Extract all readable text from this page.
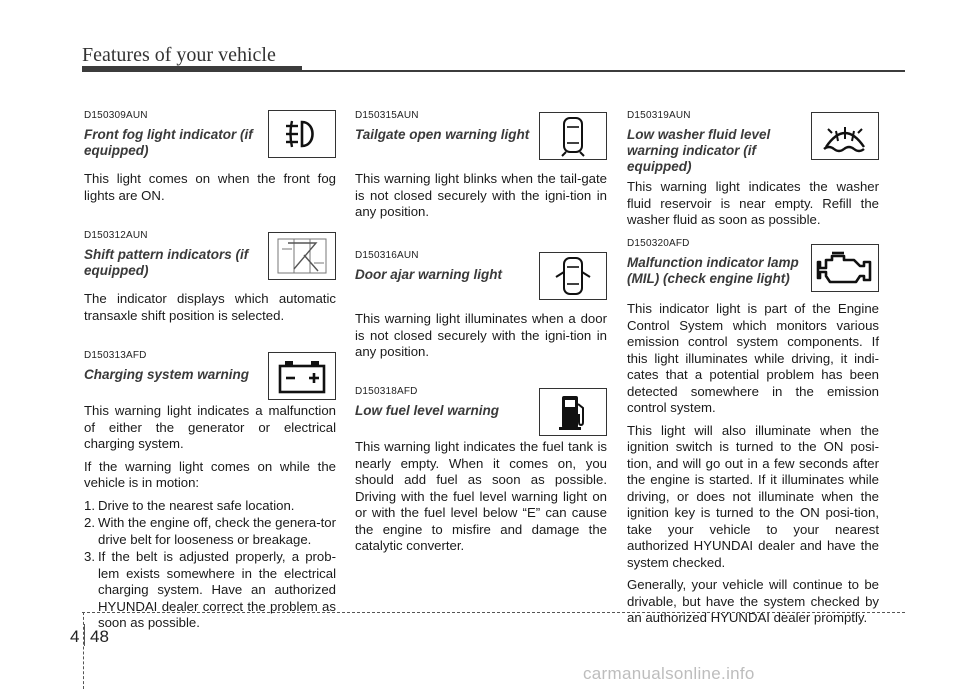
Features of your vehicle
D150309AUN
Front fog light indicator (if equipped)

This light comes on when the front fog lights are ON.

D150312AUN
Shift pattern indicators (if equipped)

The indicator displays which automatic transaxle shift position is selected.

D150313AFD
Charging system warning

This warning light indicates a malfunction of either the generator or electrical charging system.

If the warning light comes on while the vehicle is in motion:

1. Drive to the nearest safe location.
2. With the engine off, check the genera-tor drive belt for looseness or breakage.
3. If the belt is adjusted properly, a prob-lem exists somewhere in the electrical charging system. Have an authorized HYUNDAI dealer correct the problem as soon as possible.
D150315AUN
Tailgate open warning light

This warning light blinks when the tail-gate is not closed securely with the igni-tion in any position.

D150316AUN
Door ajar warning light

This warning light illuminates when a door is not closed securely with the igni-tion in any position.

D150318AFD
Low fuel level warning

This warning light indicates the fuel tank is nearly empty. When it comes on, you should add fuel as soon as possible. Driving with the fuel level warning light on or with the fuel level below “E” can cause the engine to misfire and damage the catalytic converter.

D150319AUN
Low washer fluid level warning indicator (if equipped)

This warning light indicates the washer fluid reservoir is near empty. Refill the washer fluid as soon as possible.

D150320AFD
Malfunction indicator lamp (MIL) (check engine light)

This indicator light is part of the Engine Control System which monitors various emission control system components. If this light illuminates while driving, it indi-cates that a potential problem has been detected somewhere in the emission control system.

This light will also illuminate when the ignition switch is turned to the ON posi-tion, and will go out in a few seconds after the engine is started. If it illuminates while driving, or does not illuminate when the ignition key is turned to the ON posi-tion, take your vehicle to your nearest authorized HYUNDAI dealer and have the system checked.

Generally, your vehicle will continue to be drivable, but have the system checked by an authorized HYUNDAI dealer promptly.

4 48
carmanualsonline.info
